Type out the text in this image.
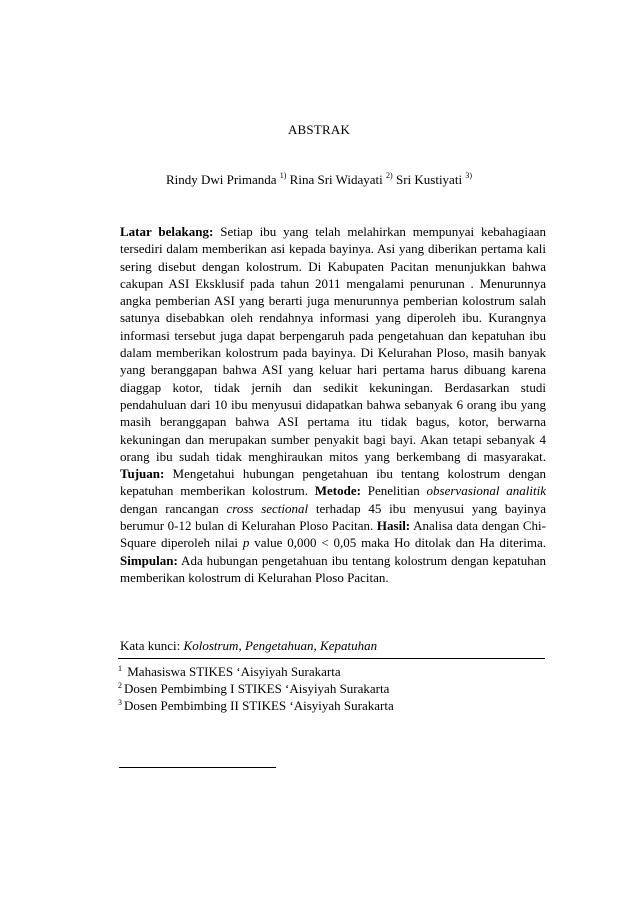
ABSTRAK
Rindy Dwi Primanda $^{1)}$ Rina Sri Widayati $^{2)}$ Sri Kustiyati $^{3)}$

Latar belakang: Setiap ibu yang telah melahirkan mempunyai kebahagiaan tersediri dalam memberikan asi kepada bayinya. Asi yang diberikan pertama kali sering disebut dengan kolostrum. Di Kabupaten Pacitan menunjukkan bahwa cakupan ASI Eksklusif pada tahun 2011 mengalami penurunan . Menurunnya angka pemberian ASI yang berarti juga menurunnya pemberian kolostrum salah satunya disebabkan oleh rendahnya informasi yang diperoleh ibu. Kurangnya informasi tersebut juga dapat berpengaruh pada pengetahuan dan kepatuhan ibu dalam memberikan kolostrum pada bayinya. Di Kelurahan Ploso, masih banyak yang beranggapan bahwa ASI yang keluar hari pertama harus dibuang karena diaggap kotor, tidak jernih dan sedikit kekuningan. Berdasarkan studi pendahuluan dari 10 ibu menyusui didapatkan bahwa sebanyak 6 orang ibu yang masih beranggapan bahwa ASI pertama itu tidak bagus, kotor, berwarna kekuningan dan merupakan sumber penyakit bagi bayi. Akan tetapi sebanyak 4 orang ibu sudah tidak menghiraukan mitos yang berkembang di masyarakat. Tujuan: Mengetahui hubungan pengetahuan ibu tentang kolostrum dengan kepatuhan memberikan kolostrum. Metode: Penelitian observasional analitik dengan rancangan cross sectional terhadap 45 ibu menyusui yang bayinya berumur 0-12 bulan di Kelurahan Ploso Pacitan. Hasil: Analisa data dengan Chi-Square diperoleh nilai p value 0,000 < 0,05 maka Ho ditolak dan Ha diterima. Simpulan: Ada hubungan pengetahuan ibu tentang kolostrum dengan kepatuhan memberikan kolostrum di Kelurahan Ploso Pacitan.

Kata kunci: Kolostrum, Pengetahuan, Kepatuhan
$^1$ Mahasiswa STIKES ‘Aisyiyah Surakarta
$^2$ Dosen Pembimbing I STIKES ‘Aisyiyah Surakarta
$^3$ Dosen Pembimbing II STIKES ‘Aisyiyah Surakarta
